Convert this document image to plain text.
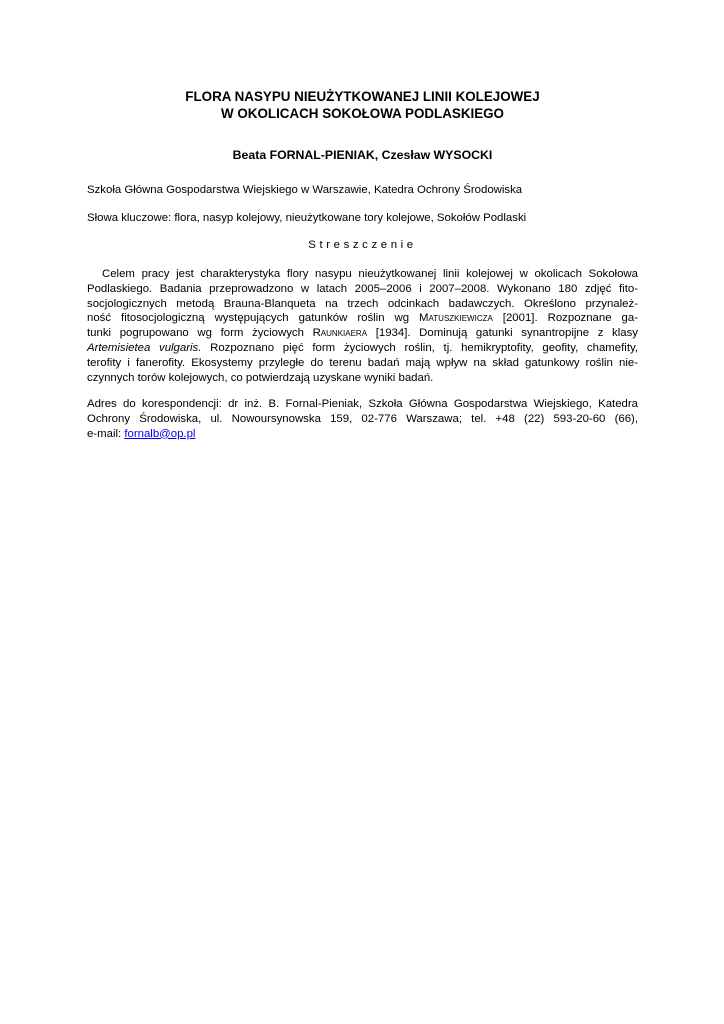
FLORA NASYPU NIEUŻYTKOWANEJ LINII KOLEJOWEJ
W OKOLICACH SOKOŁOWA PODLASKIEGO

Beata FORNAL-PIENIAK, Czesław WYSOCKI

Szkoła Główna Gospodarstwa Wiejskiego w Warszawie, Katedra Ochrony Środowiska
Słowa kluczowe: flora, nasyp kolejowy, nieużytkowane tory kolejowe, Sokołów Podlaski
Streszczenie
Celem pracy jest charakterystyka flory nasypu nieużytkowanej linii kolejowej w okolicach Sokołowa
Podlaskiego. Badania przeprowadzono w latach 2005–2006 i 2007–2008. Wykonano 180 zdjęć fito-
socjologicznych metodą Brauna-Blanqueta na trzech odcinkach badawczych. Określono przynależ-
ność fitosocjologiczną występujących gatunków roślin wg Matuszkiewicza [2001]. Rozpoznane ga-
tunki pogrupowano wg form życiowych Raunkiaera [1934]. Dominują gatunki synantropijne z klasy
Artemisietea vulgaris. Rozpoznano pięć form życiowych roślin, tj. hemikryptofity, geofity, chamefity,
terofity i fanerofity. Ekosystemy przyległe do terenu badań mają wpływ na skład gatunkowy roślin nie-
czynnych torów kolejowych, co potwierdzają uzyskane wyniki badań.
Adres do korespondencji: dr inż. B. Fornal-Pieniak, Szkoła Główna Gospodarstwa Wiejskiego, Katedra
Ochrony Środowiska, ul. Nowoursynowska 159, 02-776 Warszawa; tel. +48 (22) 593-20-60 (66),
e-mail: fornalb@op.pl
